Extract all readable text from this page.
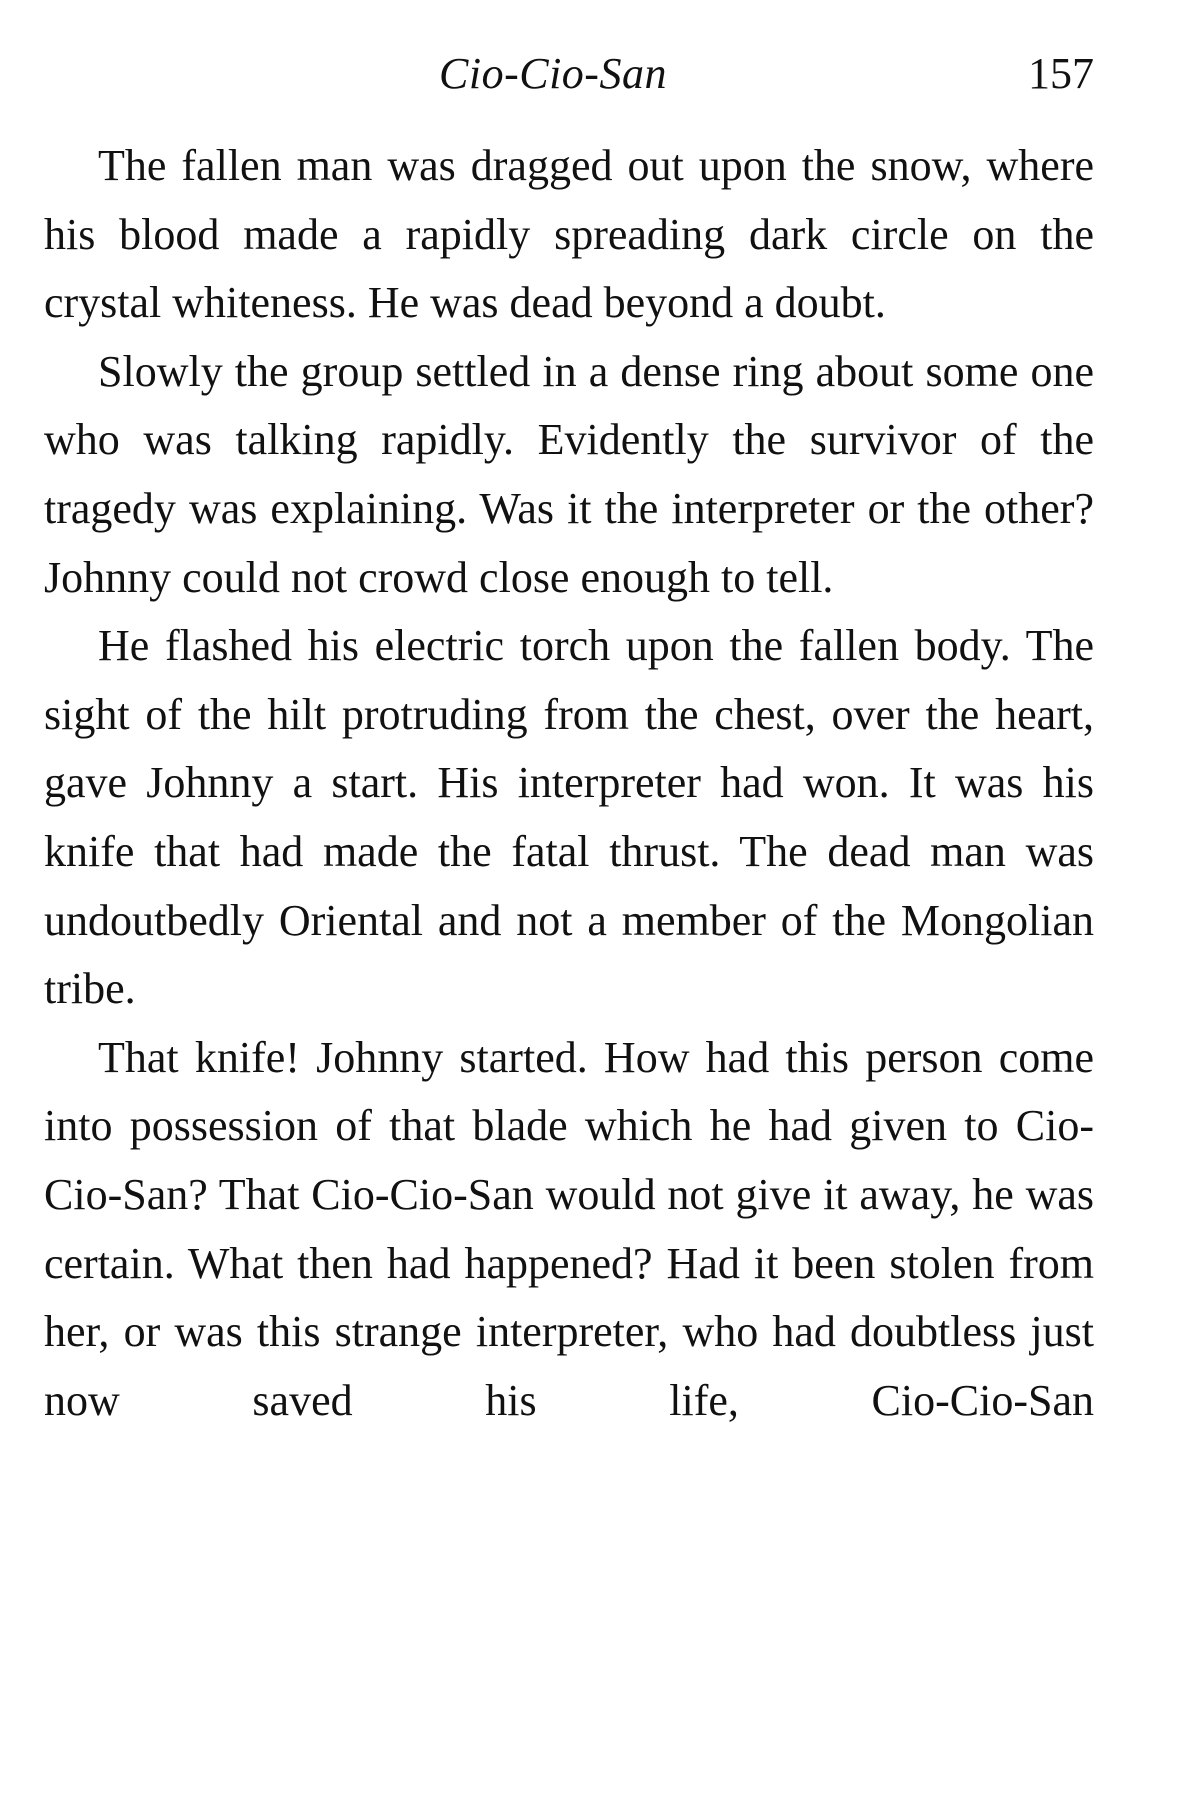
Cio-Cio-San	157

The fallen man was dragged out upon the snow, where his blood made a rapidly spreading dark circle on the crystal whiteness. He was dead beyond a doubt.

Slowly the group settled in a dense ring about some one who was talking rapidly. Evidently the survivor of the tragedy was explaining. Was it the interpreter or the other? Johnny could not crowd close enough to tell.

He flashed his electric torch upon the fallen body. The sight of the hilt protruding from the chest, over the heart, gave Johnny a start. His interpreter had won. It was his knife that had made the fatal thrust. The dead man was undoutbedly Oriental and not a member of the Mongolian tribe.

That knife! Johnny started. How had this person come into possession of that blade which he had given to Cio-Cio-San? That Cio-Cio-San would not give it away, he was certain. What then had happened? Had it been stolen from her, or was this strange interpreter, who had doubtless just now saved his life, Cio-Cio-San
